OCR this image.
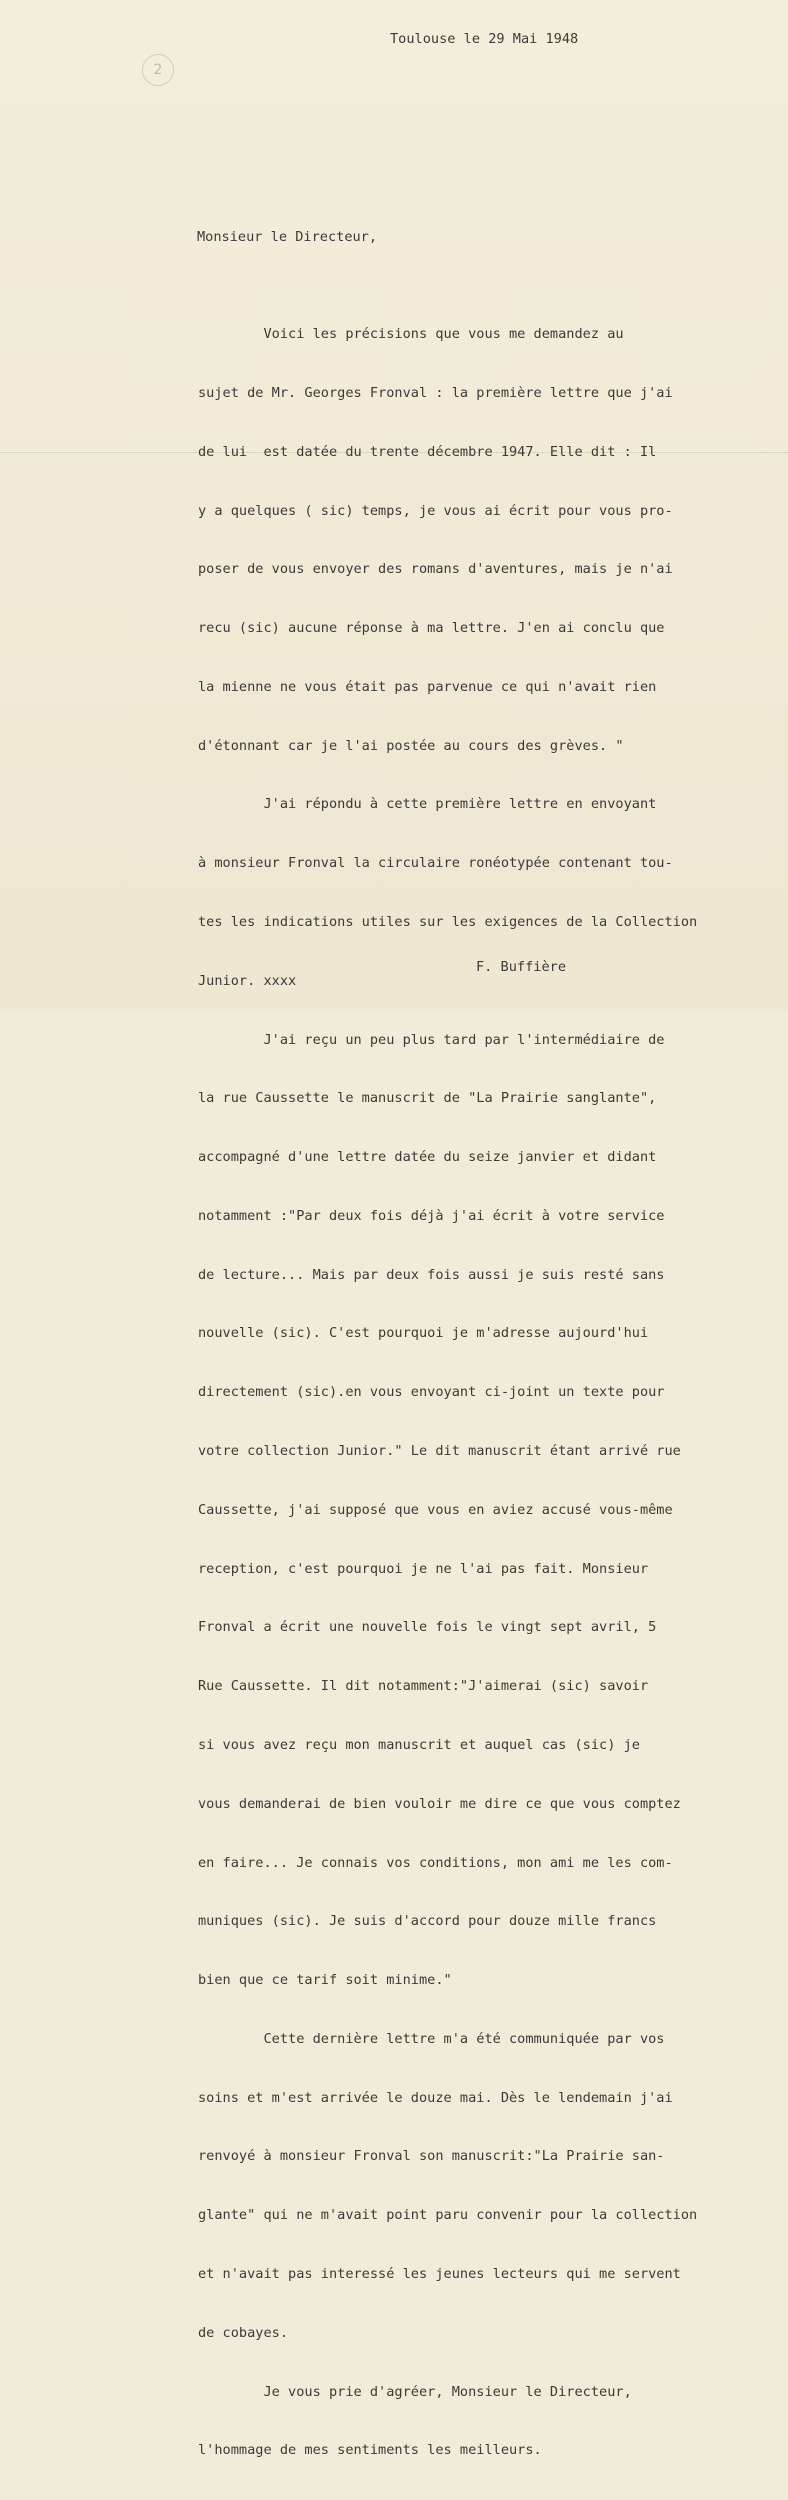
2

Toulouse le 29 Mai 1948

Monsieur le Directeur,

Voici les précisions que vous me demandez au

sujet de Mr. Georges Fronval : la première lettre que j'ai

de lui  est datée du trente décembre 1947. Elle dit : Il

y a quelques ( sic) temps, je vous ai écrit pour vous pro-

poser de vous envoyer des romans d'aventures, mais je n'ai

recu (sic) aucune réponse à ma lettre. J'en ai conclu que

la mienne ne vous était pas parvenue ce qui n'avait rien

d'étonnant car je l'ai postée au cours des grèves. "

J'ai répondu à cette première lettre en envoyant

à monsieur Fronval la circulaire ronéotypée contenant tou-

tes les indications utiles sur les exigences de la Collection

Junior. xxxx

J'ai reçu un peu plus tard par l'intermédiaire de

la rue Caussette le manuscrit de "La Prairie sanglante",

accompagné d'une lettre datée du seize janvier et didant

notamment :"Par deux fois déjà j'ai écrit à votre service

de lecture... Mais par deux fois aussi je suis resté sans

nouvelle (sic). C'est pourquoi je m'adresse aujourd'hui

directement (sic).en vous envoyant ci-joint un texte pour

votre collection Junior." Le dit manuscrit étant arrivé rue

Caussette, j'ai supposé que vous en aviez accusé vous-même

reception, c'est pourquoi je ne l'ai pas fait. Monsieur

Fronval a écrit une nouvelle fois le vingt sept avril, 5

Rue Caussette. Il dit notamment:"J'aimerai (sic) savoir

si vous avez reçu mon manuscrit et auquel cas (sic) je

vous demanderai de bien vouloir me dire ce que vous comptez

en faire... Je connais vos conditions, mon ami me les com-

muniques (sic). Je suis d'accord pour douze mille francs

bien que ce tarif soit minime."

Cette dernière lettre m'a été communiquée par vos

soins et m'est arrivée le douze mai. Dès le lendemain j'ai

renvoyé à monsieur Fronval son manuscrit:"La Prairie san-

glante" qui ne m'avait point paru convenir pour la collection

et n'avait pas interessé les jeunes lecteurs qui me servent

de cobayes.

Je vous prie d'agréer, Monsieur le Directeur,

l'hommage de mes sentiments les meilleurs.

F. Buffière
